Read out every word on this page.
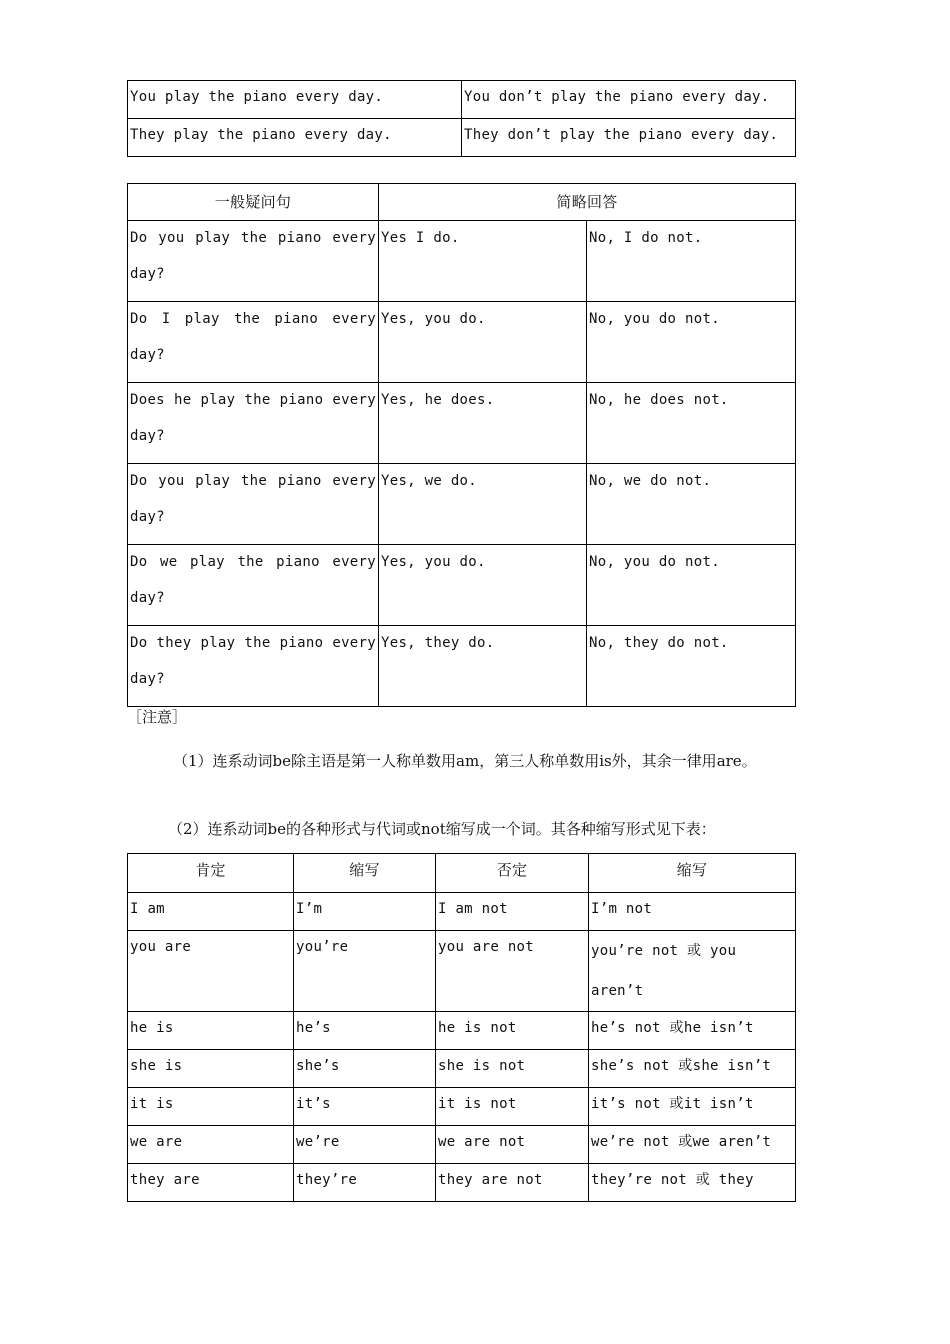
You play the piano every day.	You don’t play the piano every day.
They play the piano every day.	They don’t play the piano every day.
一般疑问句	简略回答	

Do you play the piano every
day?	Yes I do.	No, I do not.

Do I play the piano every
day?	Yes, you do.	No, you do not.

Does he play the piano every
day?	Yes, he does.	No, he does not.

Do you play the piano every
day?	Yes, we do.	No, we do not.

Do we play the piano every
day?	Yes, you do.	No, you do not.

Do they play the piano every
day?	Yes, they do.	No, they do not.
［注意］
（1）连系动词be除主语是第一人称单数用am，第三人称单数用is外，其余一律用are。
（2）连系动词be的各种形式与代词或not缩写成一个词。其各种缩写形式见下表：
肯定	缩写	否定	缩写
I am	I’m	I am not	I’m not
you are	you’re	you are not	you’re not 或 you aren’t
he is	he’s	he is not	he’s not 或he isn’t
she is	she’s	she is not	she’s not 或she isn’t
it is	it’s	it is not	it’s not 或it isn’t
we are	we’re	we are not	we’re not 或we aren’t
they are	they’re	they are not	they’re not 或 they
